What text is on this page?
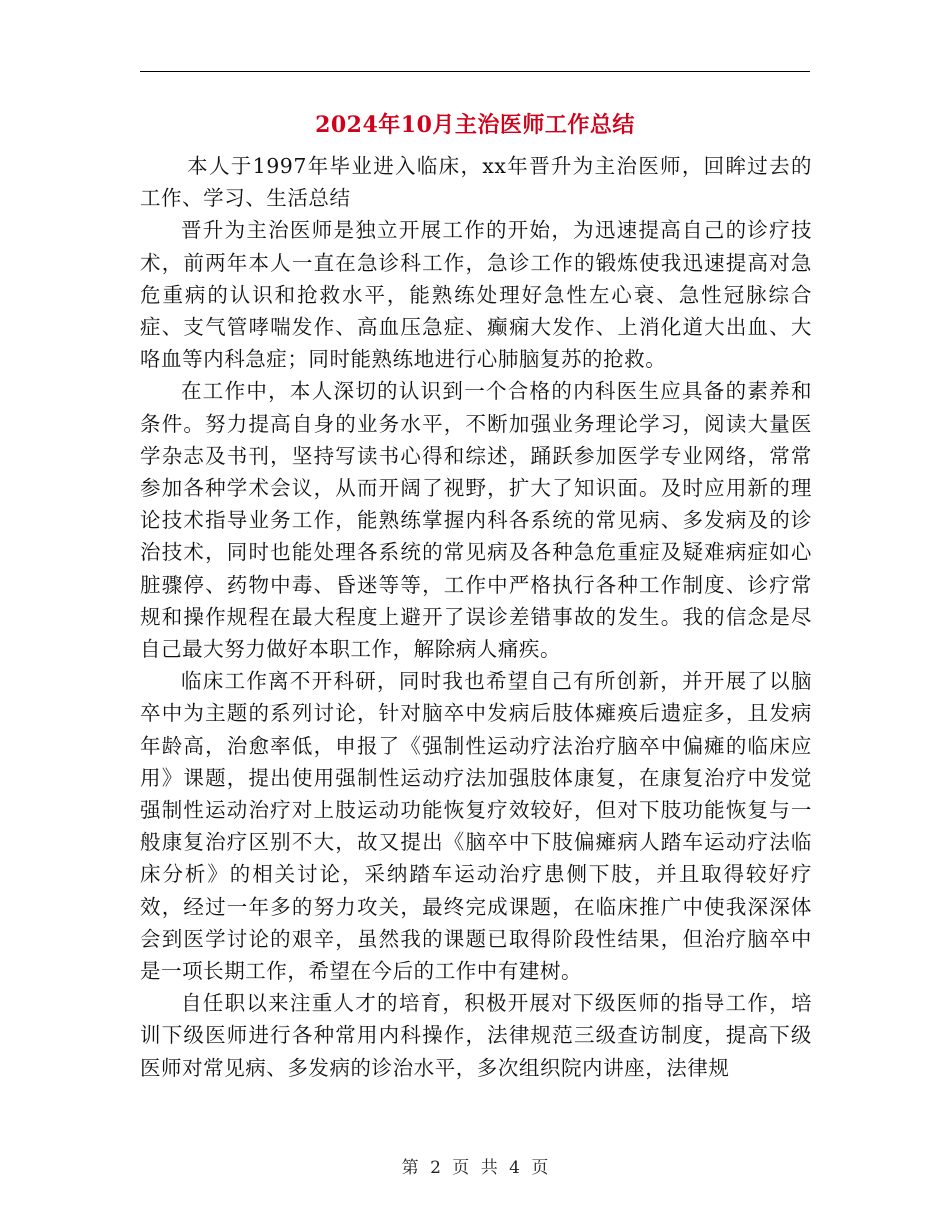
2024年10月主治医师工作总结

本人于1997年毕业进入临床，xx年晋升为主治医师，回眸过去的工作、学习、生活总结

晋升为主治医师是独立开展工作的开始，为迅速提高自己的诊疗技术，前两年本人一直在急诊科工作，急诊工作的锻炼使我迅速提高对急危重病的认识和抢救水平，能熟练处理好急性左心衰、急性冠脉综合症、支气管哮喘发作、高血压急症、癫痫大发作、上消化道大出血、大咯血等内科急症；同时能熟练地进行心肺脑复苏的抢救。

在工作中，本人深切的认识到一个合格的内科医生应具备的素养和条件。努力提高自身的业务水平，不断加强业务理论学习，阅读大量医学杂志及书刊，坚持写读书心得和综述，踊跃参加医学专业网络，常常参加各种学术会议，从而开阔了视野，扩大了知识面。及时应用新的理论技术指导业务工作，能熟练掌握内科各系统的常见病、多发病及的诊治技术，同时也能处理各系统的常见病及各种急危重症及疑难病症如心脏骤停、药物中毒、昏迷等等，工作中严格执行各种工作制度、诊疗常规和操作规程在最大程度上避开了误诊差错事故的发生。我的信念是尽自己最大努力做好本职工作，解除病人痛疾。

临床工作离不开科研，同时我也希望自己有所创新，并开展了以脑卒中为主题的系列讨论，针对脑卒中发病后肢体瘫痪后遗症多，且发病年龄高，治愈率低，申报了《强制性运动疗法治疗脑卒中偏瘫的临床应用》课题，提出使用强制性运动疗法加强肢体康复，在康复治疗中发觉强制性运动治疗对上肢运动功能恢复疗效较好，但对下肢功能恢复与一般康复治疗区别不大，故又提出《脑卒中下肢偏瘫病人踏车运动疗法临床分析》的相关讨论，采纳踏车运动治疗患侧下肢，并且取得较好疗效，经过一年多的努力攻关，最终完成课题，在临床推广中使我深深体会到医学讨论的艰辛，虽然我的课题已取得阶段性结果，但治疗脑卒中是一项长期工作，希望在今后的工作中有建树。

自任职以来注重人才的培育，积极开展对下级医师的指导工作，培训下级医师进行各种常用内科操作，法律规范三级查访制度，提高下级医师对常见病、多发病的诊治水平，多次组织院内讲座，法律规

第 2 页 共 4 页
